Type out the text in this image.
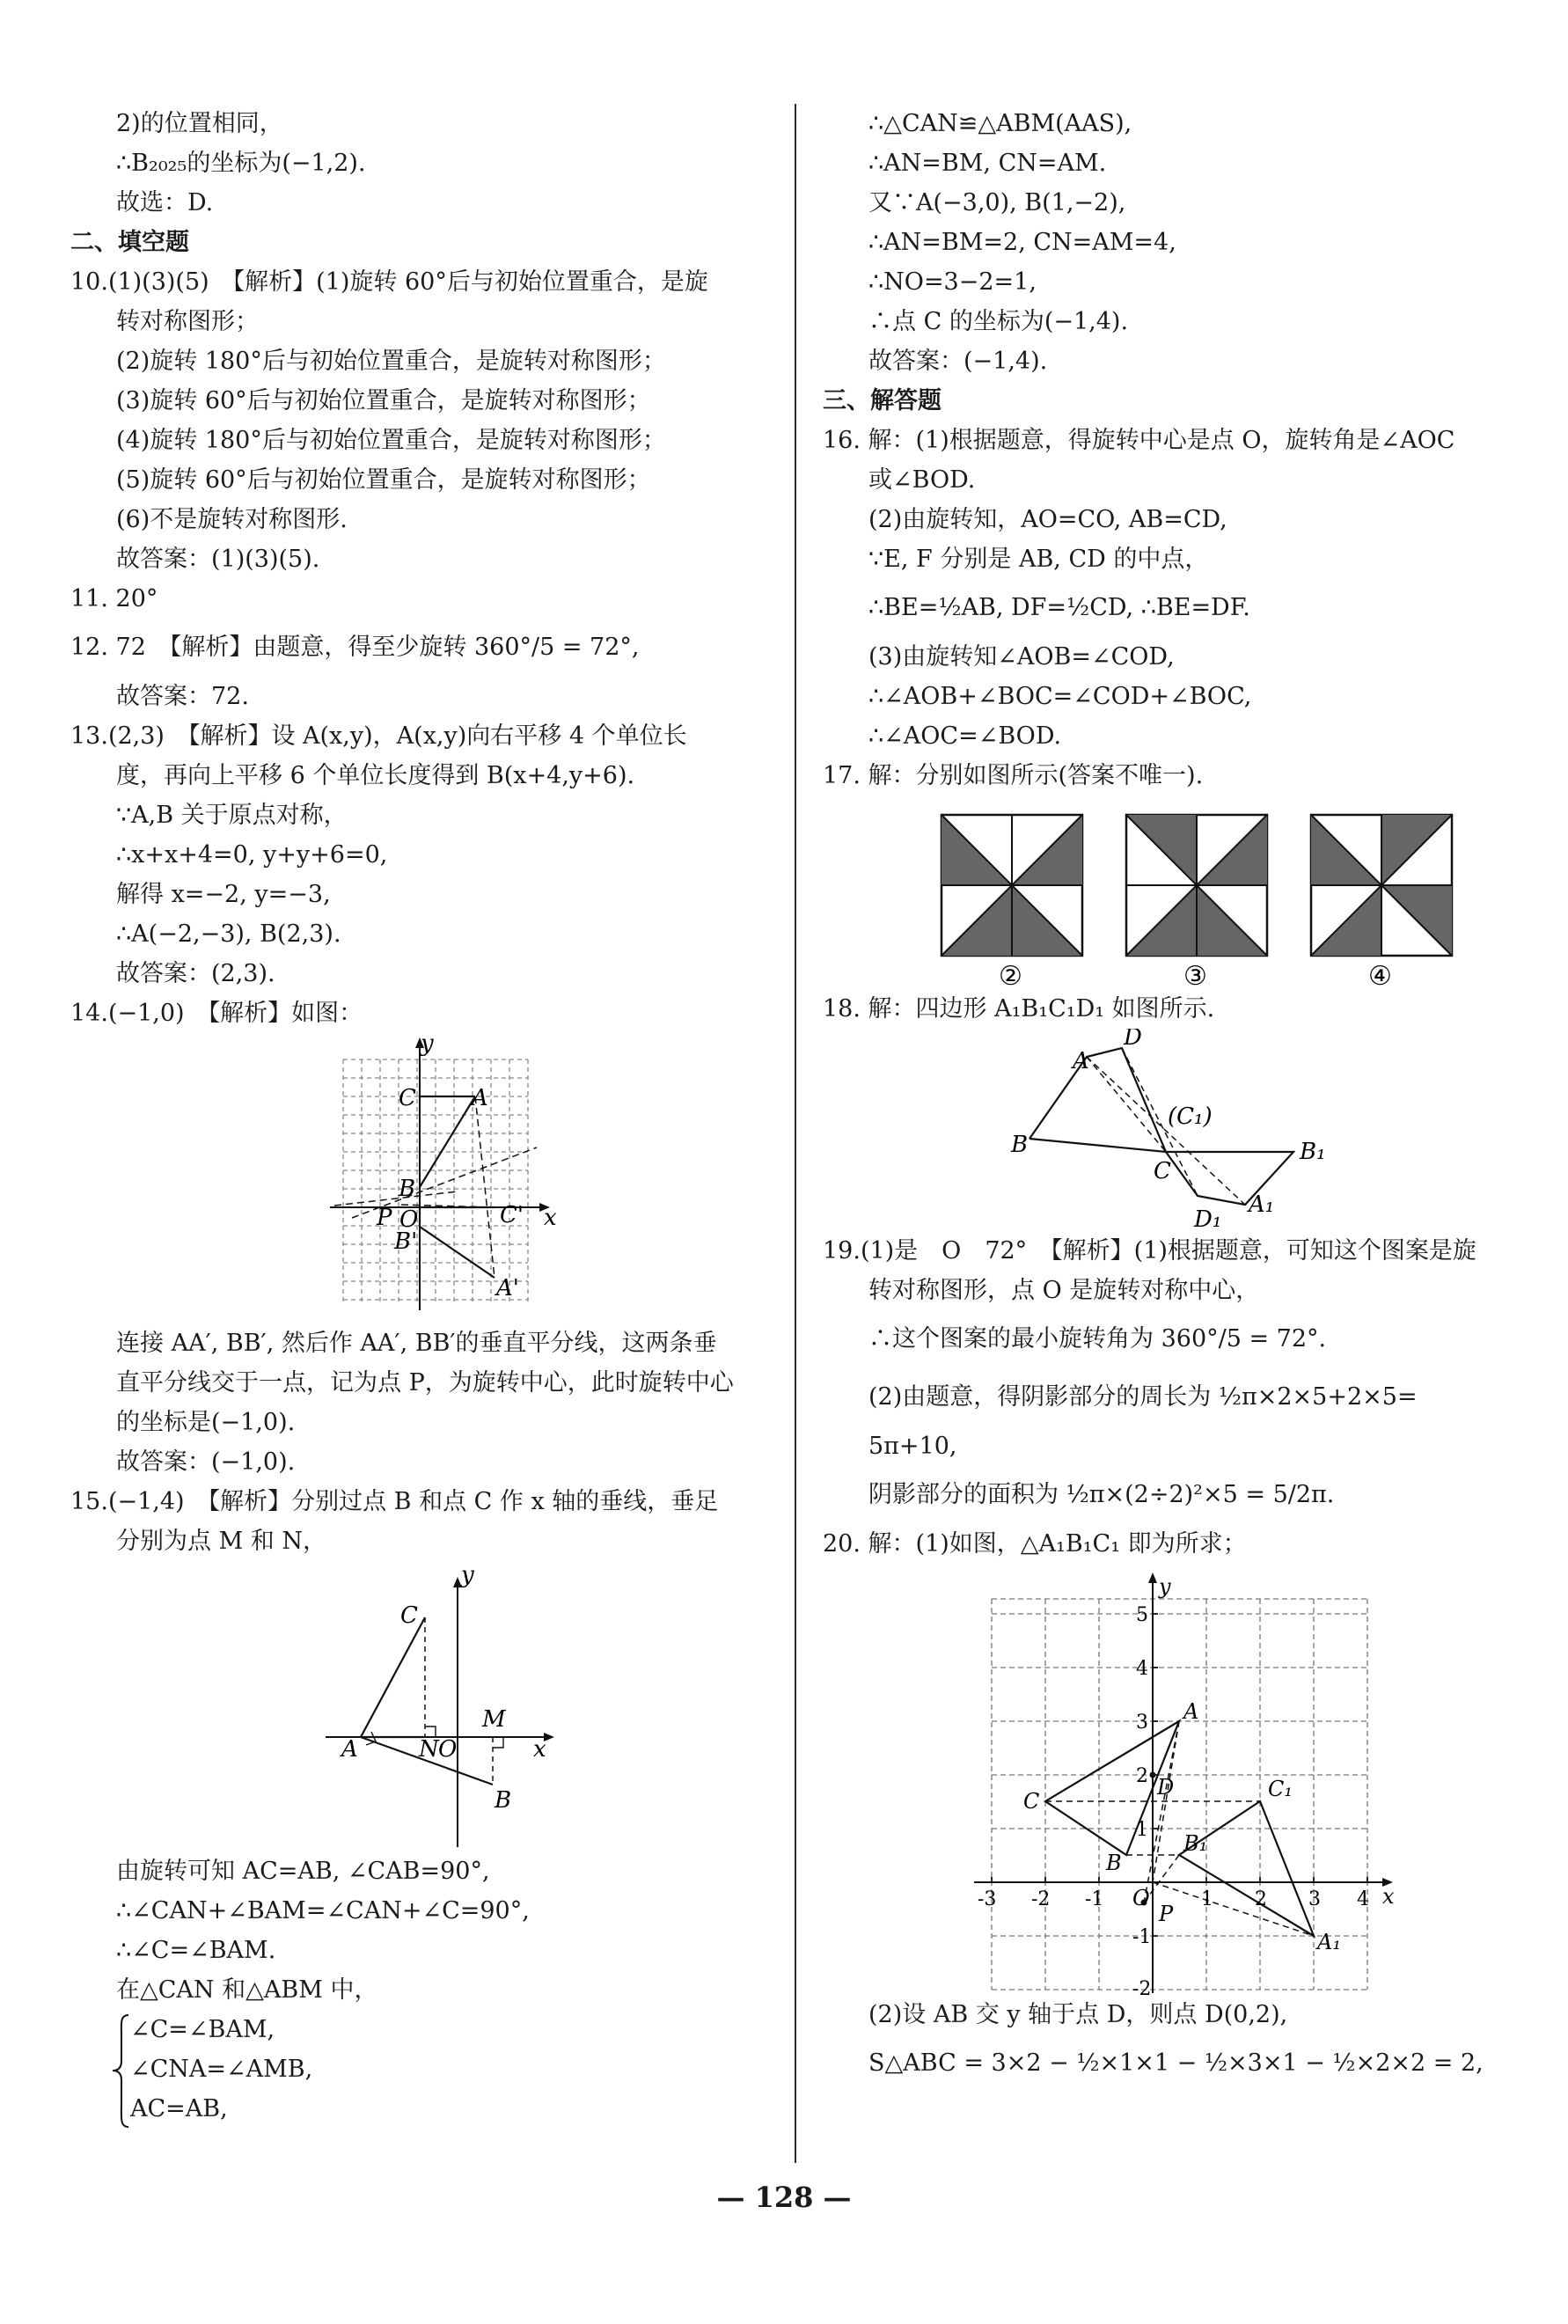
2)的位置相同，
∴B₂₀₂₅的坐标为(−1,2).
故选：D.
二、填空题
10.(1)(3)(5)　【解析】(1)旋转 60°后与初始位置重合，是旋
转对称图形；
(2)旋转 180°后与初始位置重合，是旋转对称图形；
(3)旋转 60°后与初始位置重合，是旋转对称图形；
(4)旋转 180°后与初始位置重合，是旋转对称图形；
(5)旋转 60°后与初始位置重合，是旋转对称图形；
(6)不是旋转对称图形.
故答案：(1)(3)(5).
11. 20°
12. 72　【解析】由题意，得至少旋转 360°/5 = 72°,
故答案：72.
13.(2,3)　【解析】设 A(x,y)，A(x,y)向右平移 4 个单位长
度，再向上平移 6 个单位长度得到 B(x+4,y+6).
∵A,B 关于原点对称，
∴x+x+4=0, y+y+6=0,
解得 x=−2, y=−3,
∴A(−2,−3), B(2,3).
故答案：(2,3).
14.(−1,0)　【解析】如图：
y
C A
B
P O	C' x
B'
A'
连接 AA′, BB′, 然后作 AA′, BB′的垂直平分线，这两条垂
直平分线交于一点，记为点 P，为旋转中心，此时旋转中心
的坐标是(−1,0).
故答案：(−1,0).
15.(−1,4)　【解析】分别过点 B 和点 C 作 x 轴的垂线，垂足
分别为点 M 和 N，
y
C
A	N O
M
x
B
由旋转可知 AC=AB, ∠CAB=90°,
∴∠CAN+∠BAM=∠CAN+∠C=90°,
∴∠C=∠BAM.
在△CAN 和△ABM 中，
∠C=∠BAM,
∠CNA=∠AMB,
AC=AB,
∴△CAN≌△ABM(AAS),
∴AN=BM, CN=AM.
又∵A(−3,0), B(1,−2),
∴AN=BM=2, CN=AM=4,
∴NO=3−2=1,
∴点 C 的坐标为(−1,4).
故答案：(−1,4).
三、解答题
16. 解：(1)根据题意，得旋转中心是点 O，旋转角是∠AOC
或∠BOD.
(2)由旋转知，AO=CO, AB=CD,
∵E, F 分别是 AB, CD 的中点，
∴BE=½AB, DF=½CD, ∴BE=DF.
(3)由旋转知∠AOB=∠COD,
∴∠AOB+∠BOC=∠COD+∠BOC,
∴∠AOC=∠BOD.
17. 解：分别如图所示(答案不唯一).
②	③	④
18. 解：四边形 A₁B₁C₁D₁ 如图所示.
D
A
(C₁)
B
C
B₁
A₁
D₁
19.(1)是　O　72°　【解析】(1)根据题意，可知这个图案是旋
转对称图形，点 O 是旋转对称中心，
∴这个图案的最小旋转角为 360°/5 = 72°.
(2)由题意，得阴影部分的周长为 ½π×2×5+2×5=
5π+10,
阴影部分的面积为 ½π×(2÷2)²×5 = 5/2π.
20. 解：(1)如图，△A₁B₁C₁ 即为所求；
y
x
5
4
3
2
1
-3 -2 -1 O	1 2 3 4
-1
-2
A
C
D	C₁
B
B₁
P
A₁
(2)设 AB 交 y 轴于点 D，则点 D(0,2),
S△ABC = 3×2 − ½×1×1 − ½×3×1 − ½×2×2 = 2,
— 128 —
